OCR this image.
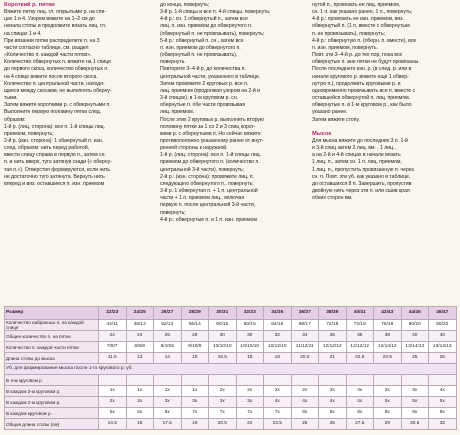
Короткий р. пятки
Вяжите пятку лиц. гл. открытыми р. на спи-
цах 1 и 4. Узором вяжите на 1–2 см до
начала стопы и продолжите вязать лиц. гл.
на спицах 1 и 4.
При вязании пятки распределите п. на 3
части согласно таблице, см. раздел
«Количество п. каждой части пятки».
Количество обвернутых п. вяжите на 1 спице
до первого скоса, количество обвернутых п.
на 4 спице вяжите после второго скоса.
Количество п. центральной части, находя-
щиеся между скосами, не выполнять оберну-
тыми.
Затем вяжите короткими р. с обвернутыми п.
Выполните первую половину пятки след.
образом:
1-й р. (лиц. сторона): все п. 1-й спицы лиц.
приемом, повернуть;
2-й р. (изн. сторона): 1 обвернутый п. изн.
след. образом: нить перед работой,
ввести спицу справа в первую п., затем сн.
п. и нить вверх, туго затянув сзади (« оберну-
тая п.»). Отверстия формируются, если нить
не достаточно туго затянута. Вернуть нить
вперед и вяз. оставшиеся п. изн. приемом
до конца, повернуть;
3-й р. 1-й спицы и все п. 4-й спицы, повернуть;
4-й р.: сн. 1 обвернутый п., затем все
лиц. п. изн. приемом до обвернутого п.
(обвернутый п. не провязывать), повернуть;
5-й р.: обвернутый п. сн., затем все
п. изн. приемом до обвернутого п.
(обвернутый п. не провязывать),
повернуть.
Повторите 3–4-й р. до количества п.
центральной части, указанного в таблице.
Затем провяжите 2 круговых р. все п.
лиц. приемом (продолжая узором на 2-й и
3-й спицах), в 1-м круговом р. сн.
обернутые п. обе части провязывая
лиц. приемом.
После этих 2 круговых р. выполнять вторую
половину пятки за 1 со 2 и 3 спиц корот-
кими р. с обернутыми п. Но сейчас вяжите
противоположно указанному ранее от внут-
ренней стороны к наружной.
1-й р. (лиц. сторона): все п. 1-й спицы лиц.
приемом до обвернутого п. (количество п.
центральной 3-й части), повернуть;
2-й р.: (изн. сторона): провяжите лиц. п.
следующего обвернутого п., повернуть;
3-й р. 1 обвернутая п. + 1 п. центральной
части + 1 п. приемом лиц., включая
первую п. после центральной 3-й части,
повернуть;
4-й р.: обвернутые п. и 1 п. изн. приемом
нутой п., провязать ее лиц. приемом,
сн. 1 п. как указано ранее, 1 п., повернуть;
4-й р.: провязать ее изн. приемом, вяз.
обвернутый п. (1 п. вместе с обвернутым
п. не провязывать), повернуть;
4-й р.: обвернутую п. (оберн. п. вместе), все
п. изн. приемом, повернуть.
Повт. эти 3–4-й р. до тех пор, пока все
обвернутые п. вне пятки не будут провязаны.
После последнего изн. р. (в след. р. или в
начале кругового р. вяжите еще 1 обвер-
нутую п.), продолжить круговыми р. и
одновременно провязывать все п. вместе с
оставшейся обвернутой п. лиц. приемом.
обвернутые п. в 1-м круговом р., как было
указано ранее.
Затем вяжите стопу.

Мысок
Для мыска вяжите до последних 3 п. 1-й
и 3-й спиц затем 2 лиц. вм. , 1 лиц.,
а на 2-й и 4-й спицах в начале вязать
1 лиц. п., затем сн. 1 п. лиц. приемом,
1 лиц. п., пропустить провязанную п. через
сн. п. Повт. эти уб. как указано в таблице,
до оставшихся 8 п. Завершить, пропустив
двойную нить через эти п. или сшив края
обеих сторон вм.
Размер	22/23	24/25	26/27	28/29	30/31	32/33	34/35	36/37	38/39	40/41	42/43	44/45	46/47
Количество набранных п. на каждой спице	44/11	48/12	52/13	56/14	60/15	60/15	64/16	68/17	72/18	72/18	76/19	80/20	80/20
Общее количество п. на пятке	22	24	26	28	30	30	32	34	36	36	38	40	40
Количество п. каждой части пятки	7/8/7	8/8/8	8/10/8	9/10/9	10/10/10	10/10/10	10/12/10	11/12/11	12/12/12	12/12/12	12/14/12	13/14/13	13/14/13
Длина стопы до мыска	11.5	13	14	15	16.5	18	19	20.5	21	22.5	23.5	25	26
Уб. для формирования мыска после 1-го кругового р. уб.													
В 4-м круговом р.													
В каждом 3-м круговом р.	1x	1x	1x	1x	2x	2x	2x	2x	3x	3x	3x	3x	4x
В каждом 2-м круговом р.	2x	2x	3x	3x	3x	3x	4x	4x	4x	4x	5x	5x	5x
В каждом круговом р.	5x	6x	6x	7x	7x	7x	7x	8x	8x	8x	8x	9x	9x
Общая длина стопы (см)	14.5	16	17.5	19	20.5	22	23.5	25	26	27.5	29	30.5	32
